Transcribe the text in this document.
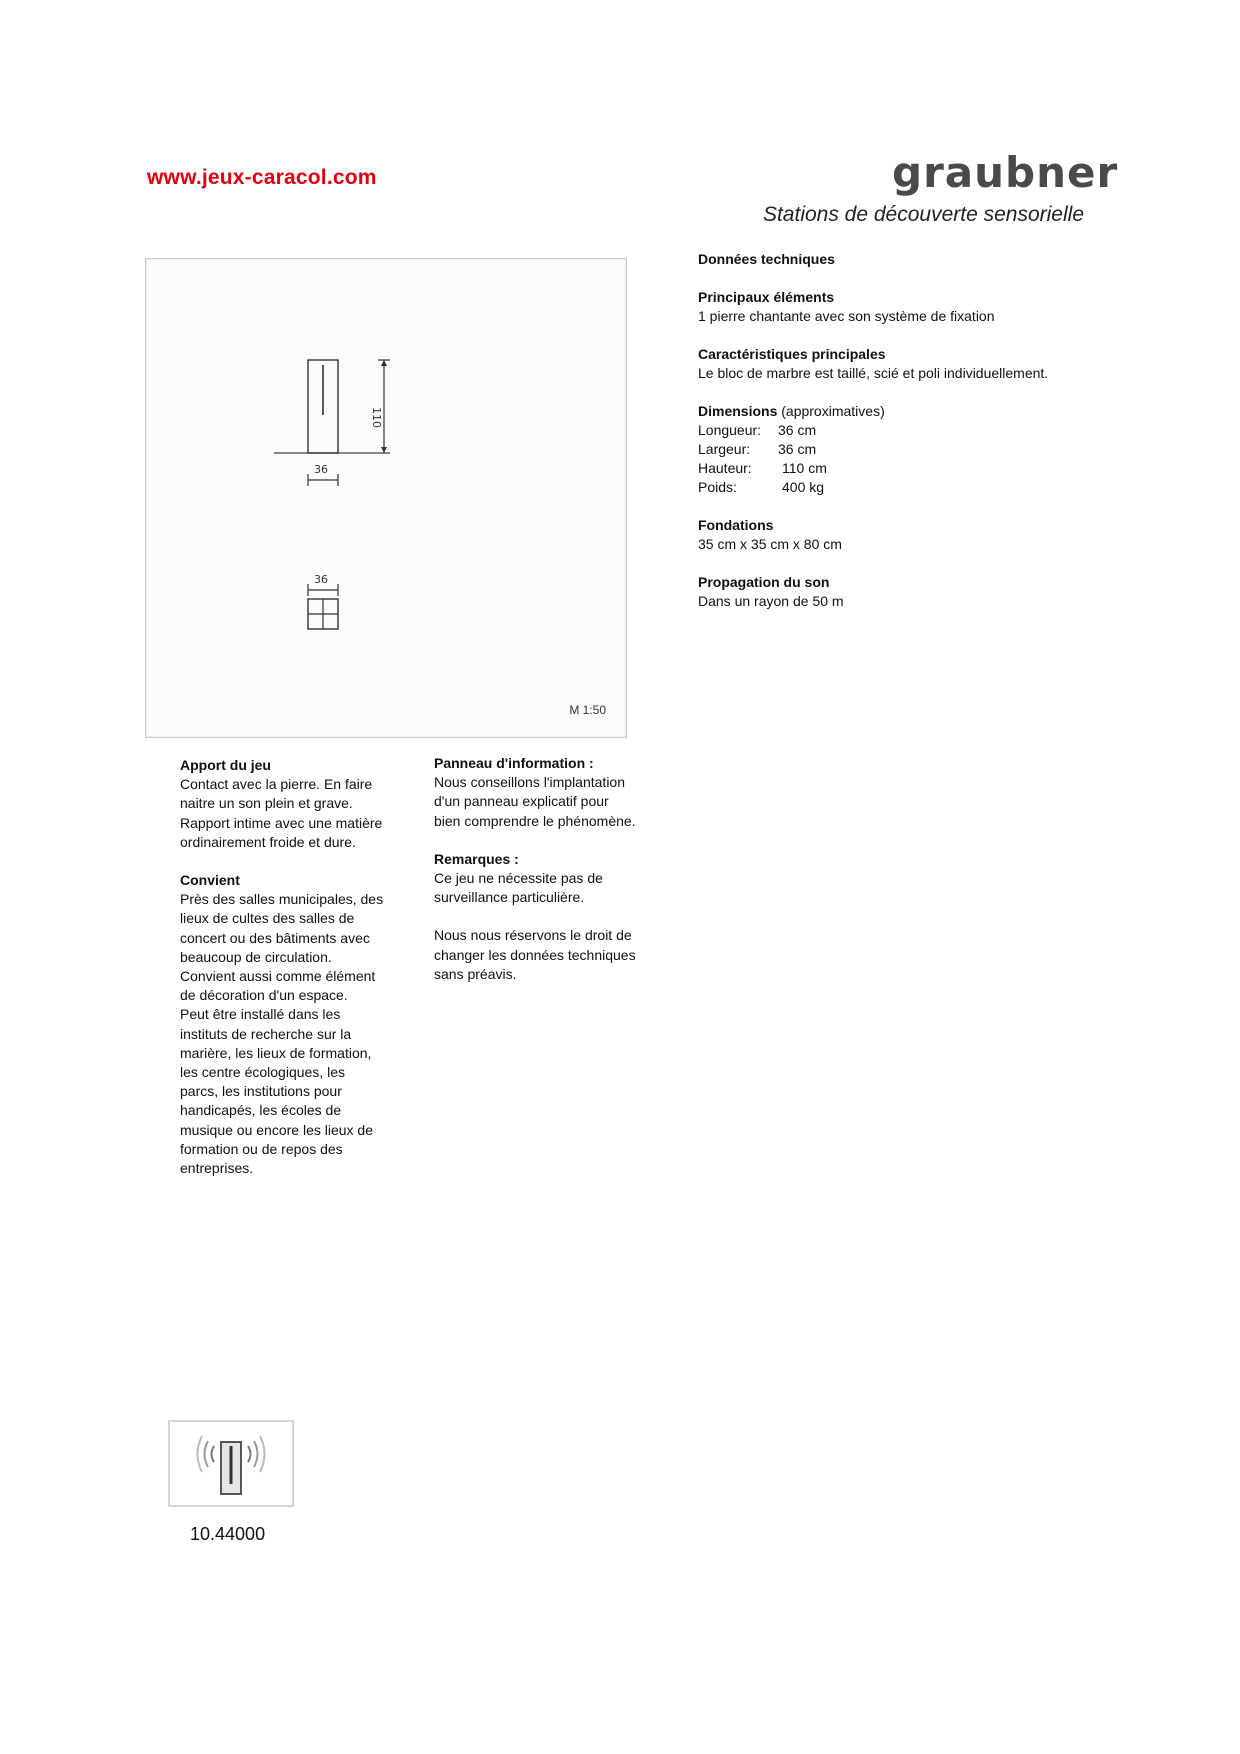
www.jeux-caracol.com	graubner
Stations de découverte sensorielle
110
36
36
M 1:50
Données techniques
Principaux éléments
1 pierre chantante avec son système de fixation
Caractéristiques principales
Le bloc de marbre est taillé, scié et poli individuellement.
Dimensions (approximatives)
Longueur:	36 cm
Largeur:	36 cm
Hauteur:	110 cm
Poids:	400 kg
Fondations
35 cm x 35 cm x 80 cm
Propagation du son
Dans un rayon de 50 m
Apport du jeu
Contact avec la pierre. En faire
naitre un son plein et grave.
Rapport intime avec une matière
ordinairement froide et dure.
Convient
Près des salles municipales, des
lieux de cultes des salles de
concert ou des bâtiments avec
beaucoup de circulation.
Convient aussi comme élément
de décoration d'un espace.
Peut être installé dans les
instituts de recherche sur la
marière, les lieux de formation,
les centre écologiques, les
parcs, les institutions pour
handicapés, les écoles de
musique ou encore les lieux de
formation ou de repos des
entreprises.
Panneau d'information :
Nous conseillons l'implantation
d'un panneau explicatif pour
bien comprendre le phénomène.
Remarques :
Ce jeu ne nécessite pas de
surveillance particulière.
Nous nous réservons le droit de
changer les données techniques
sans préavis.
10.44000
